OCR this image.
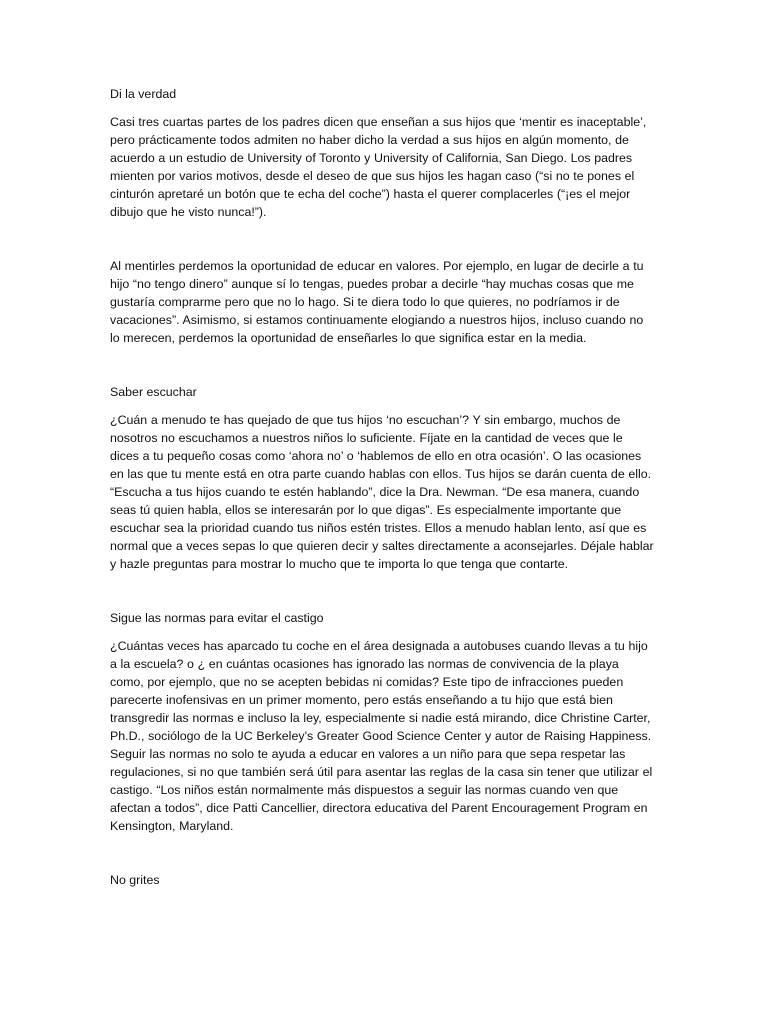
Di la verdad

Casi tres cuartas partes de los padres dicen que enseñan a sus hijos que ‘mentir es inaceptable’, pero prácticamente todos admiten no haber dicho la verdad a sus hijos en algún momento, de acuerdo a un estudio de University of Toronto y University of California, San Diego. Los padres mienten por varios motivos, desde el deseo de que sus hijos les hagan caso (“si no te pones el cinturón apretaré un botón que te echa del coche”) hasta el querer complacerles (“¡es el mejor dibujo que he visto nunca!”).

Al mentirles perdemos la oportunidad de educar en valores. Por ejemplo, en lugar de decirle a tu hijo “no tengo dinero” aunque sí lo tengas, puedes probar a decirle “hay muchas cosas que me gustaría comprarme pero que no lo hago. Si te diera todo lo que quieres, no podríamos ir de vacaciones”. Asimismo, si estamos continuamente elogiando a nuestros hijos, incluso cuando no lo merecen, perdemos la oportunidad de enseñarles lo que significa estar en la media.

Saber escuchar

¿Cuán a menudo te has quejado de que tus hijos ‘no escuchan’? Y sin embargo, muchos de nosotros no escuchamos a nuestros niños lo suficiente. Fíjate en la cantidad de veces que le dices a tu pequeño cosas como ‘ahora no’ o ‘hablemos de ello en otra ocasión’. O las ocasiones en las que tu mente está en otra parte cuando hablas con ellos. Tus hijos se darán cuenta de ello. “Escucha a tus hijos cuando te estén hablando”, dice la Dra. Newman. “De esa manera, cuando seas tú quien habla, ellos se interesarán por lo que digas”. Es especialmente importante que escuchar sea la prioridad cuando tus niños estén tristes. Ellos a menudo hablan lento, así que es normal que a veces sepas lo que quieren decir y saltes directamente a aconsejarles. Déjale hablar y hazle preguntas para mostrar lo mucho que te importa lo que tenga que contarte.

Sigue las normas para evitar el castigo

¿Cuántas veces has aparcado tu coche en el área designada a autobuses cuando llevas a tu hijo a la escuela? o ¿ en cuántas ocasiones has ignorado las normas de convivencia de la playa como, por ejemplo, que no se acepten bebidas ni comidas? Este tipo de infracciones pueden parecerte inofensivas en un primer momento, pero estás enseñando a tu hijo que está bien transgredir las normas e incluso la ley, especialmente si nadie está mirando, dice Christine Carter, Ph.D., sociólogo de la UC Berkeley’s Greater Good Science Center y autor de Raising Happiness. Seguir las normas no solo te ayuda a educar en valores a un niño para que sepa respetar las regulaciones, si no que también será útil para asentar las reglas de la casa sin tener que utilizar el castigo. “Los niños están normalmente más dispuestos a seguir las normas cuando ven que afectan a todos”, dice Patti Cancellier, directora educativa del Parent Encouragement Program en Kensington, Maryland.

No grites
